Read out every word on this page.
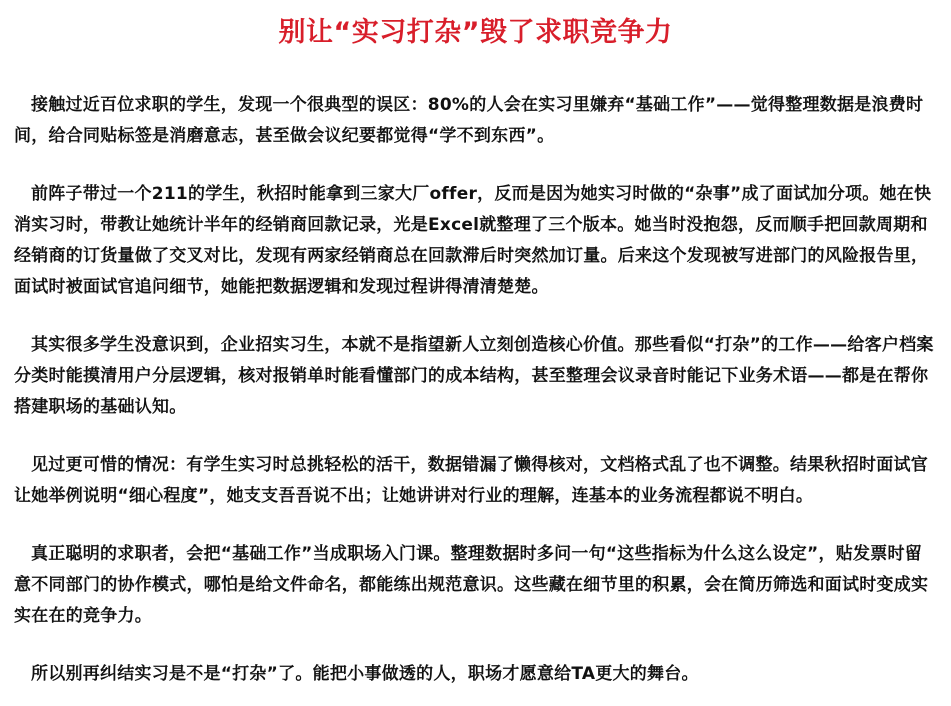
别让“实习打杂”毁了求职竞争力

接触过近百位求职的学生，发现一个很典型的误区：80%的人会在实习里嫌弃“基础工作”——觉得整理数据是浪费时间，给合同贴标签是消磨意志，甚至做会议纪要都觉得“学不到东西”。

前阵子带过一个211的学生，秋招时能拿到三家大厂offer，反而是因为她实习时做的“杂事”成了面试加分项。她在快消实习时，带教让她统计半年的经销商回款记录，光是Excel就整理了三个版本。她当时没抱怨，反而顺手把回款周期和经销商的订货量做了交叉对比，发现有两家经销商总在回款滞后时突然加订量。后来这个发现被写进部门的风险报告里，面试时被面试官追问细节，她能把数据逻辑和发现过程讲得清清楚楚。

其实很多学生没意识到，企业招实习生，本就不是指望新人立刻创造核心价值。那些看似“打杂”的工作——给客户档案分类时能摸清用户分层逻辑，核对报销单时能看懂部门的成本结构，甚至整理会议录音时能记下业务术语——都是在帮你搭建职场的基础认知。

见过更可惜的情况：有学生实习时总挑轻松的活干，数据错漏了懒得核对，文档格式乱了也不调整。结果秋招时面试官让她举例说明“细心程度”，她支支吾吾说不出；让她讲讲对行业的理解，连基本的业务流程都说不明白。

真正聪明的求职者，会把“基础工作”当成职场入门课。整理数据时多问一句“这些指标为什么这么设定”，贴发票时留意不同部门的协作模式，哪怕是给文件命名，都能练出规范意识。这些藏在细节里的积累，会在简历筛选和面试时变成实实在在的竞争力。

所以别再纠结实习是不是“打杂”了。能把小事做透的人，职场才愿意给TA更大的舞台。
